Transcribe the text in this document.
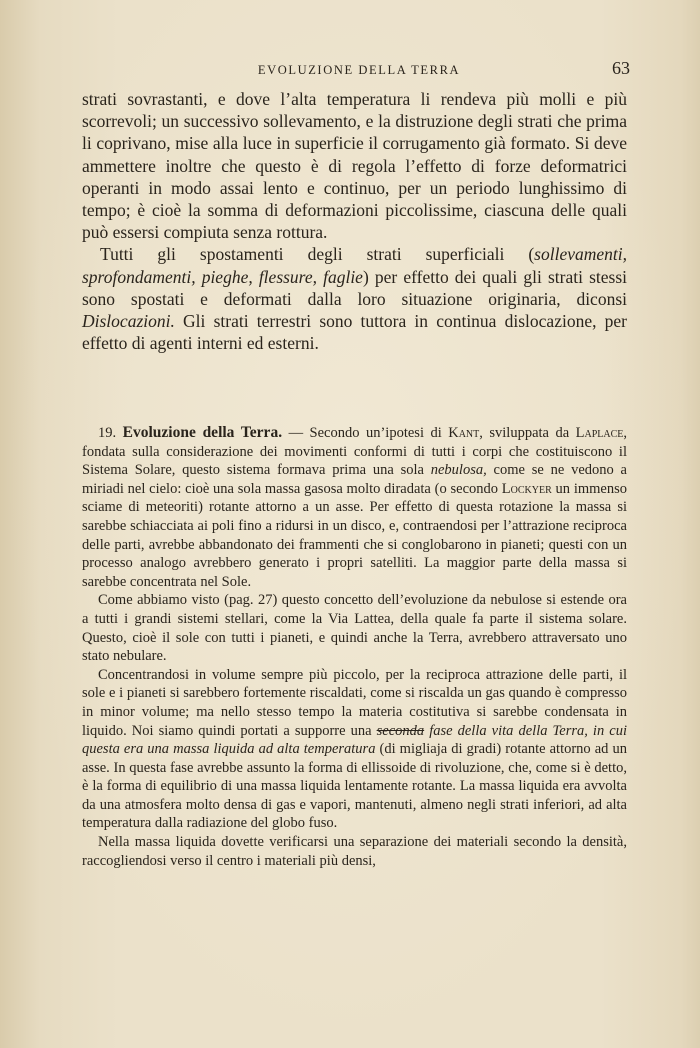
EVOLUZIONE DELLA TERRA	63

strati sovrastanti, e dove l’alta temperatura li rendeva più molli e più scorrevoli; un successivo sollevamento, e la distruzione degli strati che prima li coprivano, mise alla luce in superficie il corrugamento già formato. Si deve ammettere inoltre che questo è di regola l’effetto di forze deformatrici operanti in modo assai lento e continuo, per un periodo lunghissimo di tempo; è cioè la somma di deformazioni piccolissime, ciascuna delle quali può essersi compiuta senza rottura.

Tutti gli spostamenti degli strati superficiali (sollevamenti, sprofondamenti, pieghe, flessure, faglie) per effetto dei quali gli strati stessi sono spostati e deformati dalla loro situazione originaria, diconsi Dislocazioni. Gli strati terrestri sono tuttora in continua dislocazione, per effetto di agenti interni ed esterni.

19. Evoluzione della Terra. — Secondo un’ipotesi di Kant, sviluppata da Laplace, fondata sulla considerazione dei movimenti conformi di tutti i corpi che costituiscono il Sistema Solare, questo sistema formava prima una sola nebulosa, come se ne vedono a miriadi nel cielo: cioè una sola massa gasosa molto diradata (o secondo Lockyer un immenso sciame di meteoriti) rotante attorno a un asse. Per effetto di questa rotazione la massa si sarebbe schiacciata ai poli fino a ridursi in un disco, e, contraendosi per l’attrazione reciproca delle parti, avrebbe abbandonato dei frammenti che si conglobarono in pianeti; questi con un processo analogo avrebbero generato i propri satelliti. La maggior parte della massa si sarebbe concentrata nel Sole.

Come abbiamo visto (pag. 27) questo concetto dell’evoluzione da nebulose si estende ora a tutti i grandi sistemi stellari, come la Via Lattea, della quale fa parte il sistema solare. Questo, cioè il sole con tutti i pianeti, e quindi anche la Terra, avrebbero attraversato uno stato nebulare.

Concentrandosi in volume sempre più piccolo, per la reciproca attrazione delle parti, il sole e i pianeti si sarebbero fortemente riscaldati, come si riscalda un gas quando è compresso in minor volume; ma nello stesso tempo la materia costitutiva si sarebbe condensata in liquido. Noi siamo quindi portati a supporre una seconda fase della vita della Terra, in cui questa era una massa liquida ad alta temperatura (di migliaja di gradi) rotante attorno ad un asse. In questa fase avrebbe assunto la forma di ellissoide di rivoluzione, che, come si è detto, è la forma di equilibrio di una massa liquida lentamente rotante. La massa liquida era avvolta da una atmosfera molto densa di gas e vapori, mantenuti, almeno negli strati inferiori, ad alta temperatura dalla radiazione del globo fuso.

Nella massa liquida dovette verificarsi una separazione dei materiali secondo la densità, raccogliendosi verso il centro i materiali più densi,
